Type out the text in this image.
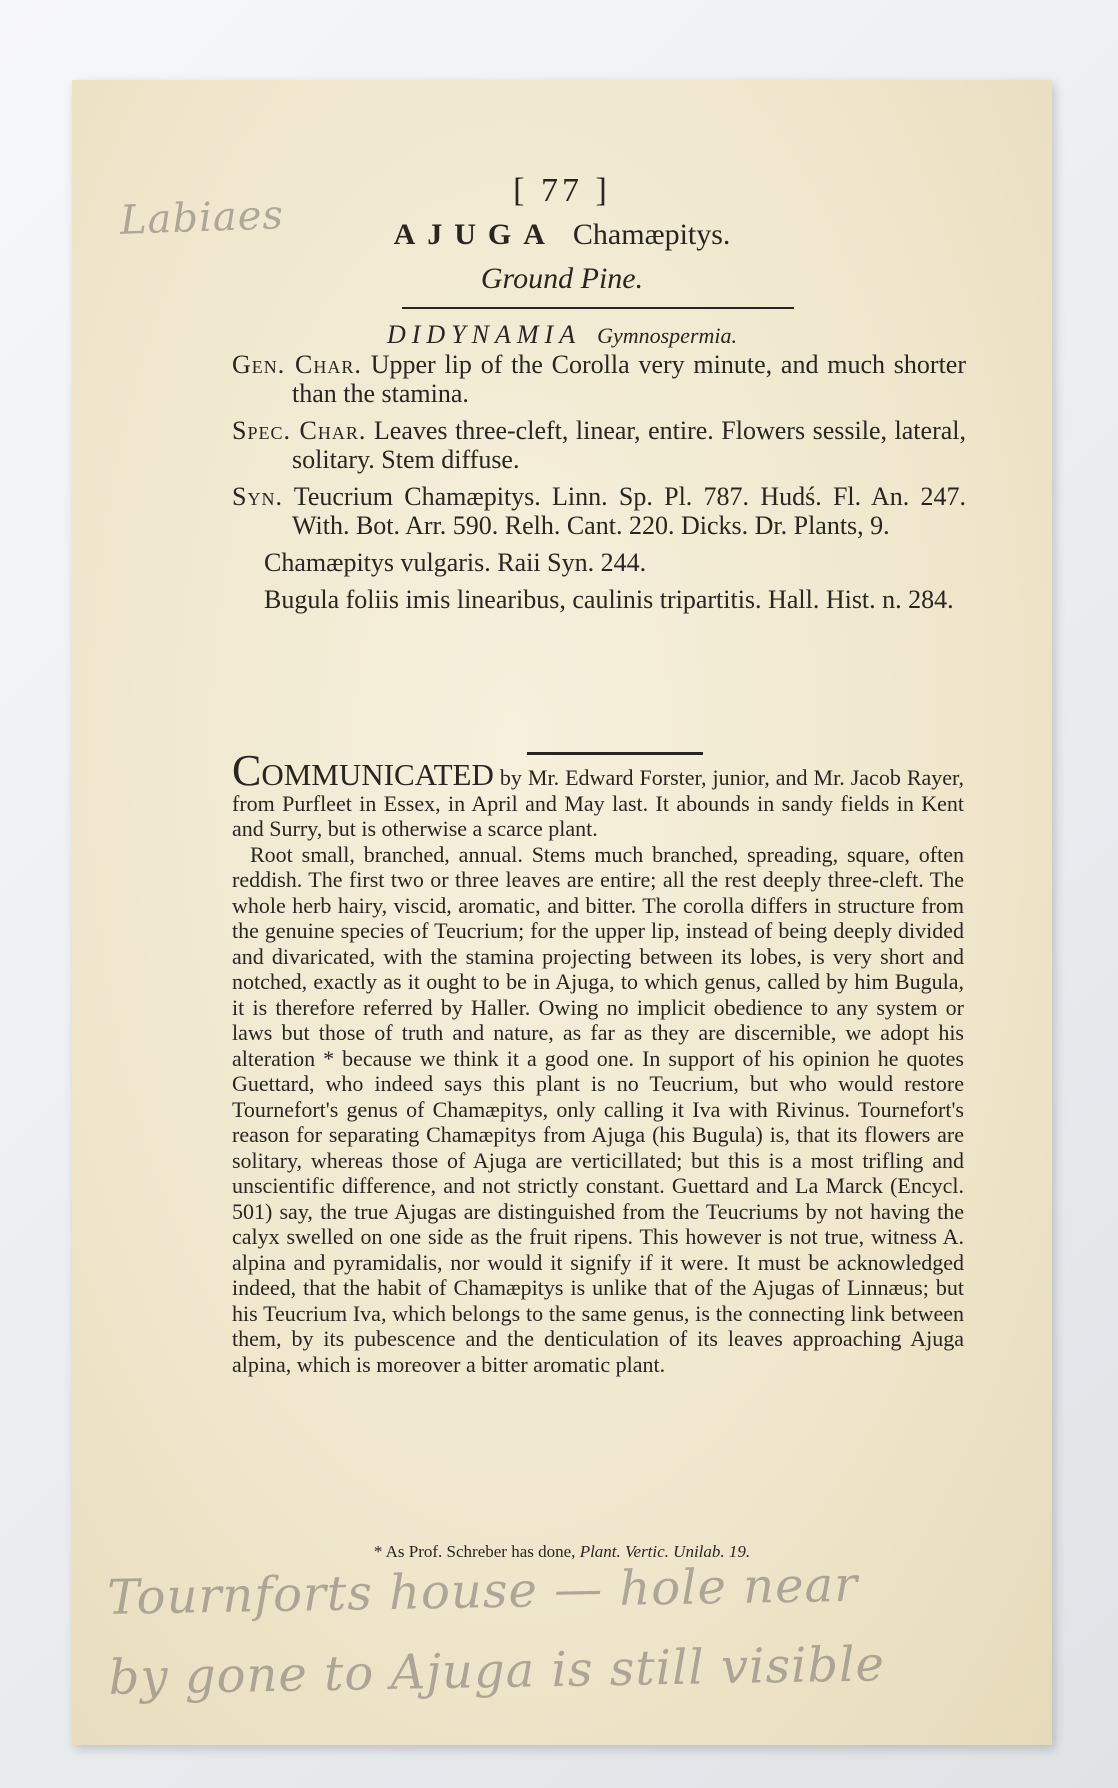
Labiaes
[ 77 ]
AJUGA Chamæpitys.
Ground Pine.
DIDYNAMIA Gymnospermia.
Gen. Char. Upper lip of the Corolla very minute, and much shorter than the stamina.
Spec. Char. Leaves three-cleft, linear, entire. Flowers sessile, lateral, solitary. Stem diffuse.
Syn. Teucrium Chamæpitys. Linn. Sp. Pl. 787. Hudś. Fl. An. 247. With. Bot. Arr. 590. Relh. Cant. 220. Dicks. Dr. Plants, 9.
Chamæpitys vulgaris. Raii Syn. 244.
Bugula foliis imis linearibus, caulinis tripartitis. Hall. Hist. n. 284.

Communicated by Mr. Edward Forster, junior, and Mr. Jacob Rayer, from Purfleet in Essex, in April and May last. It abounds in sandy fields in Kent and Surry, but is otherwise a scarce plant.

Root small, branched, annual. Stems much branched, spreading, square, often reddish. The first two or three leaves are entire; all the rest deeply three-cleft. The whole herb hairy, viscid, aromatic, and bitter. The corolla differs in structure from the genuine species of Teucrium; for the upper lip, instead of being deeply divided and divaricated, with the stamina projecting between its lobes, is very short and notched, exactly as it ought to be in Ajuga, to which genus, called by him Bugula, it is therefore referred by Haller. Owing no implicit obedience to any system or laws but those of truth and nature, as far as they are discernible, we adopt his alteration * because we think it a good one. In support of his opinion he quotes Guettard, who indeed says this plant is no Teucrium, but who would restore Tournefort's genus of Chamæpitys, only calling it Iva with Rivinus. Tournefort's reason for separating Chamæpitys from Ajuga (his Bugula) is, that its flowers are solitary, whereas those of Ajuga are verticillated; but this is a most trifling and unscientific difference, and not strictly constant. Guettard and La Marck (Encycl. 501) say, the true Ajugas are distinguished from the Teucriums by not having the calyx swelled on one side as the fruit ripens. This however is not true, witness A. alpina and pyramidalis, nor would it signify if it were. It must be acknowledged indeed, that the habit of Chamæpitys is unlike that of the Ajugas of Linnæus; but his Teucrium Iva, which belongs to the same genus, is the connecting link between them, by its pubescence and the denticulation of its leaves approaching Ajuga alpina, which is moreover a bitter aromatic plant.

* As Prof. Schreber has done, Plant. Vertic. Unilab. 19.
Tournforts house — hole near
by gone to Ajuga is still visible
